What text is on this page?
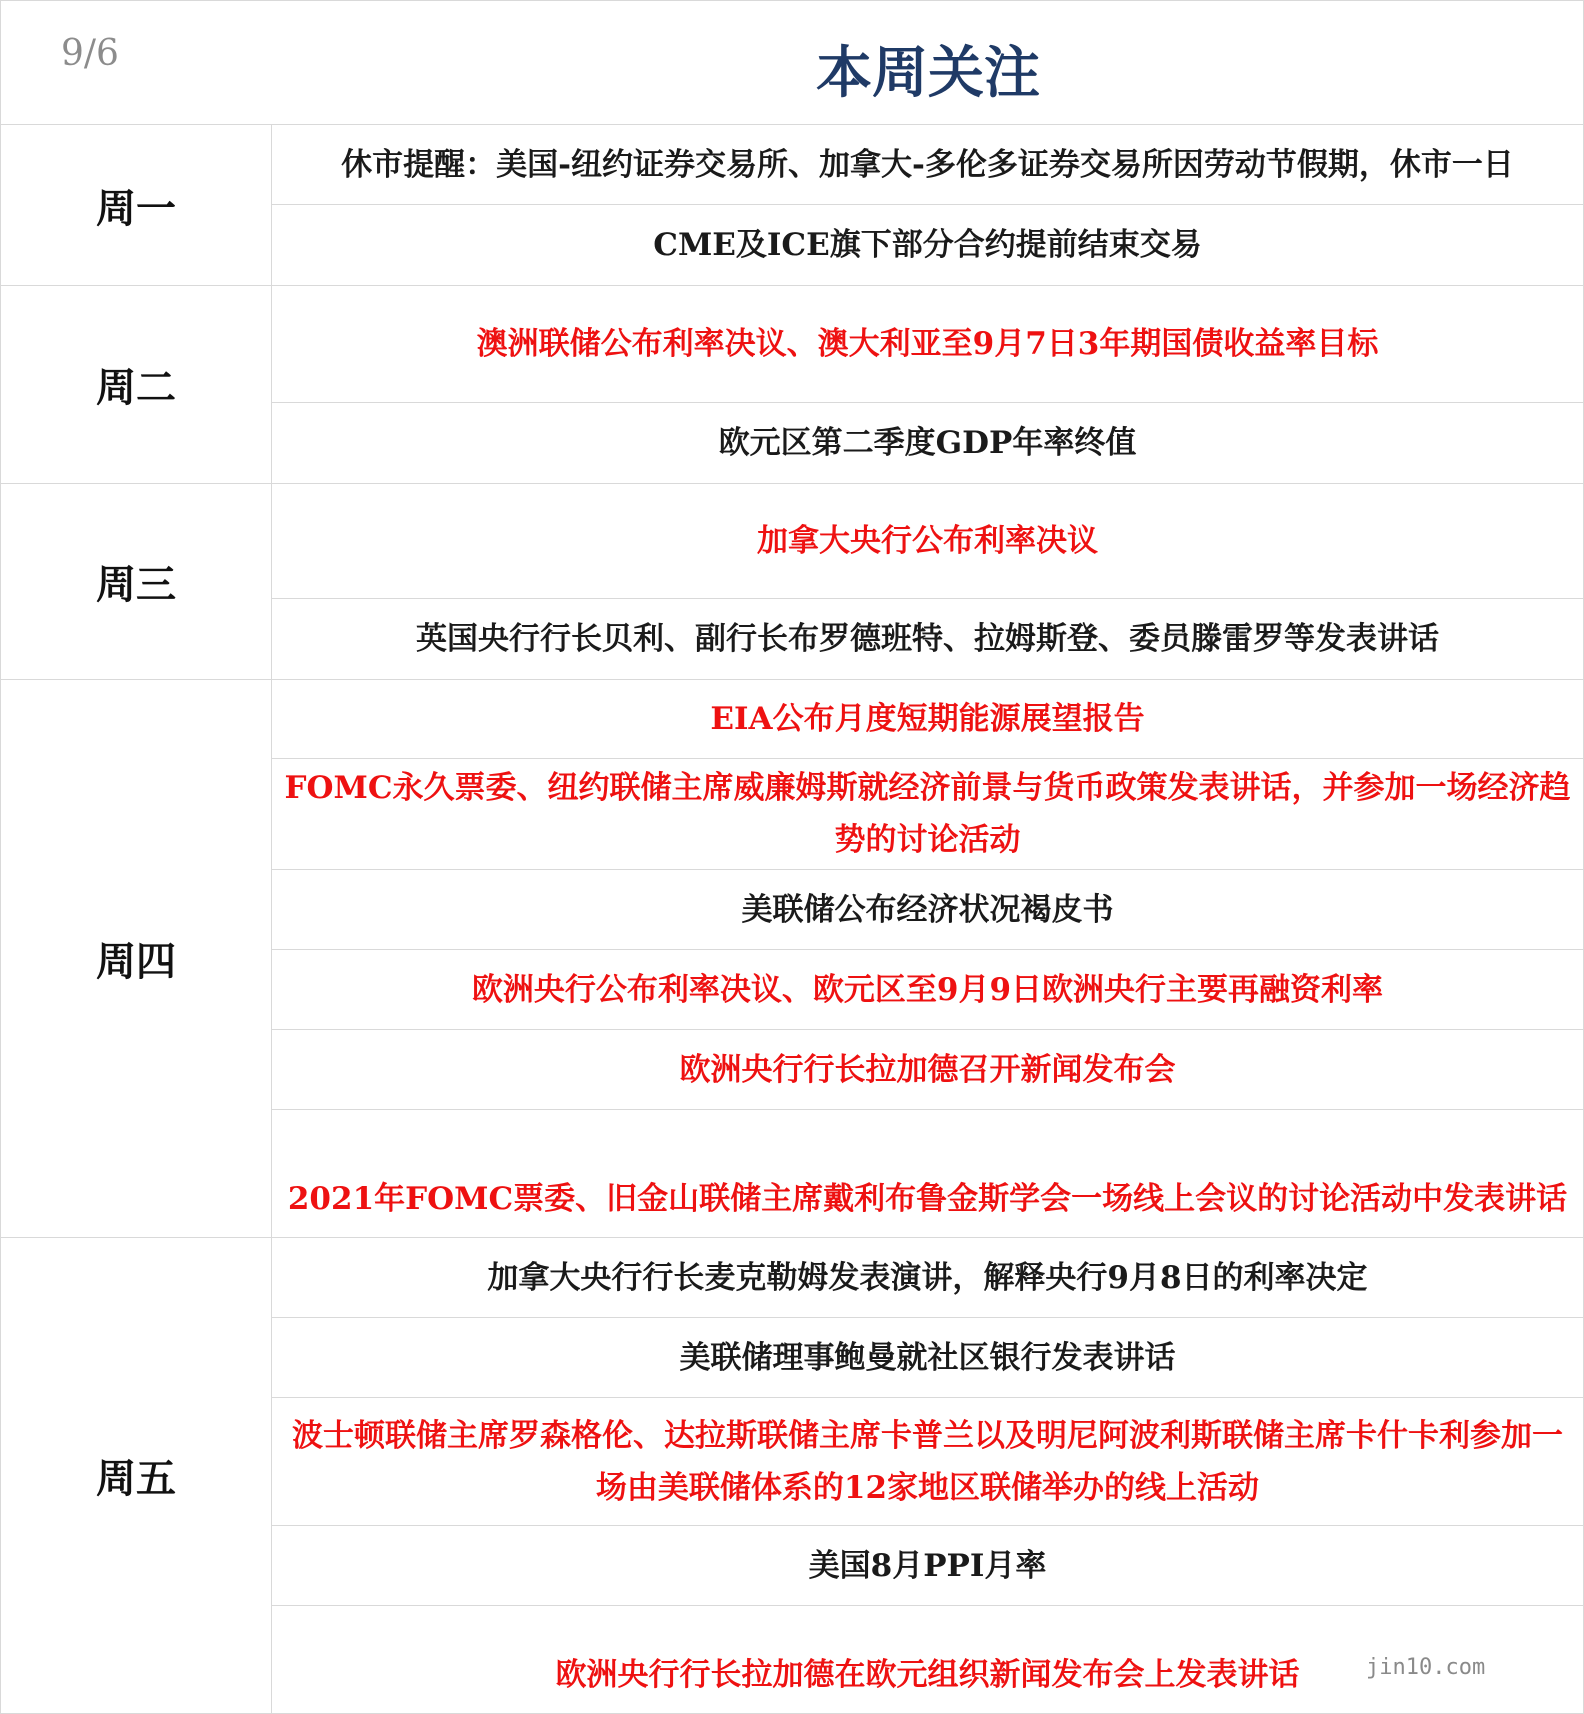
9/6	本周关注
周一
休市提醒：美国-纽约证券交易所、加拿大-多伦多证券交易所因劳动节假期，休市一日
CME及ICE旗下部分合约提前结束交易
周二
澳洲联储公布利率决议、澳大利亚至9月7日3年期国债收益率目标
欧元区第二季度GDP年率终值
周三
加拿大央行公布利率决议
英国央行行长贝利、副行长布罗德班特、拉姆斯登、委员滕雷罗等发表讲话
周四
EIA公布月度短期能源展望报告
FOMC永久票委、纽约联储主席威廉姆斯就经济前景与货币政策发表讲话，并参加一场经济趋势的讨论活动
美联储公布经济状况褐皮书
欧洲央行公布利率决议、欧元区至9月9日欧洲央行主要再融资利率
欧洲央行行长拉加德召开新闻发布会
2021年FOMC票委、旧金山联储主席戴利布鲁金斯学会一场线上会议的讨论活动中发表讲话
周五
加拿大央行行长麦克勒姆发表演讲，解释央行9月8日的利率决定
美联储理事鲍曼就社区银行发表讲话
波士顿联储主席罗森格伦、达拉斯联储主席卡普兰以及明尼阿波利斯联储主席卡什卡利参加一场由美联储体系的12家地区联储举办的线上活动
美国8月PPI月率
欧洲央行行长拉加德在欧元组织新闻发布会上发表讲话	jin10.com
